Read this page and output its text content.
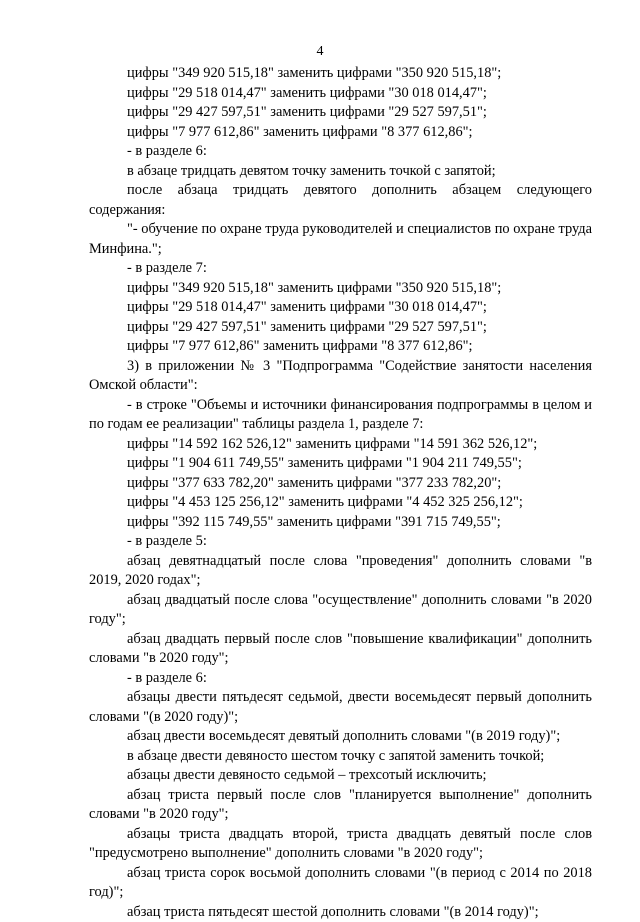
4

цифры "349 920 515,18" заменить цифрами "350 920 515,18";

цифры "29 518 014,47" заменить цифрами "30 018 014,47";

цифры "29 427 597,51" заменить цифрами "29 527 597,51";

цифры "7 977 612,86" заменить цифрами "8 377 612,86";

- в разделе 6:

в абзаце тридцать девятом точку заменить точкой с запятой;

после абзаца тридцать девятого дополнить абзацем следующего содержания:

"- обучение по охране труда руководителей и специалистов по охране труда Минфина.";

- в разделе 7:

цифры "349 920 515,18" заменить цифрами "350 920 515,18";

цифры "29 518 014,47" заменить цифрами "30 018 014,47";

цифры "29 427 597,51" заменить цифрами "29 527 597,51";

цифры "7 977 612,86" заменить цифрами "8 377 612,86";

3) в приложении № 3 "Подпрограмма "Содействие занятости населения Омской области":

- в строке "Объемы и источники финансирования подпрограммы в целом и по годам ее реализации" таблицы раздела 1, разделе 7:

цифры "14 592 162 526,12" заменить цифрами "14 591 362 526,12";

цифры "1 904 611 749,55" заменить цифрами "1 904 211 749,55";

цифры "377 633 782,20" заменить цифрами "377 233 782,20";

цифры "4 453 125 256,12" заменить цифрами "4 452 325 256,12";

цифры "392 115 749,55" заменить цифрами "391 715 749,55";

- в разделе 5:

абзац девятнадцатый после слова "проведения" дополнить словами "в 2019, 2020 годах";

абзац двадцатый после слова "осуществление" дополнить словами "в 2020 году";

абзац двадцать первый после слов "повышение квалификации" дополнить словами "в 2020 году";

- в разделе 6:

абзацы двести пятьдесят седьмой, двести восемьдесят первый дополнить словами "(в 2020 году)";

абзац двести восемьдесят девятый дополнить словами "(в 2019 году)";

в абзаце двести девяносто шестом точку с запятой заменить точкой;

абзацы двести девяносто седьмой – трехсотый исключить;

абзац триста первый после слов "планируется выполнение" дополнить словами "в 2020 году";

абзацы триста двадцать второй, триста двадцать девятый после слов "предусмотрено выполнение" дополнить словами "в 2020 году";

абзац триста сорок восьмой дополнить словами "(в период с 2014 по 2018 год)";

абзац триста пятьдесят шестой дополнить словами "(в 2014 году)";
